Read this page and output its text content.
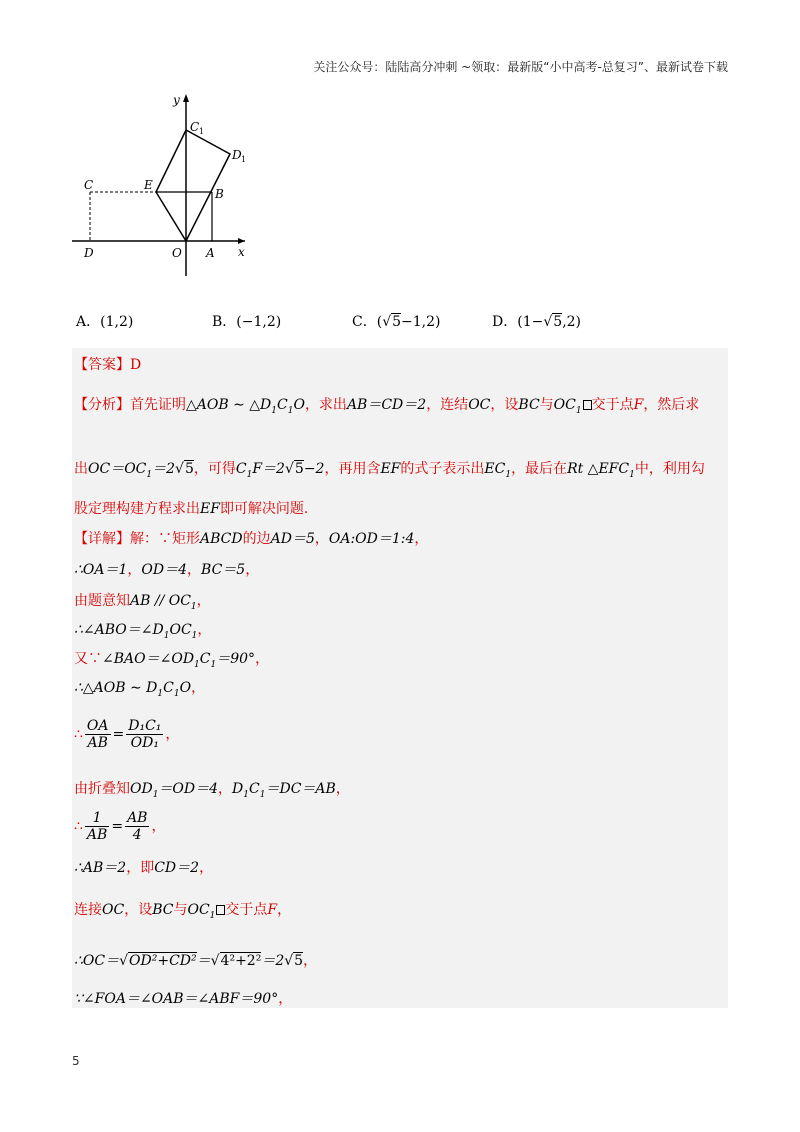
关注公众号：陆陆高分冲刺 ~领取：最新版“小中高考-总复习”、最新试卷下载
y
x
C 1
D 1
C	E
B
D	O A
A．(1,2)	B．(−1,2)	C．(√5−1,2)	D．(1−√5,2)
【答案】D
【分析】首先证明△AOB ∼ $\triangle D_1C_1O$，求出AB＝CD＝2，连结OC，设BC与$OC_1$ 交于点F，然后求
出$OC=OC_1=2√5$，可得$C_1F=2√5-2$，再用含EF的式子表示出$EC_1$，最后在Rt $\triangle EFC_1$中，利用勾
股定理构建方程求出EF即可解决问题.
【详解】解：∵矩形ABCD的边AD＝5，OA:OD＝1:4，
∴OA＝1，OD＝4，BC＝5，
由题意知AB // $OC_1$，
$\therefore\angle ABO=\angle D_1OC_1$，
又$\because\angle BAO=\angle OD_1C_1=90^\circ$，
∴△AOB ∼ $D_1C_1O$，
∴ $\frac{OA}{AB} = \frac{\text{D₁C₁}}{\text{OD₁}}$ ，
由折叠知$OD_1=OD=4$，$D_1C_1=DC=AB$，
∴ $\frac{1}{AB} = \frac{AB}{4}$ ，
∴AB＝2，即CD＝2，
连接OC，设BC与$OC_1$ 交于点F，
∴OC＝√OD²+CD²＝√4²+2²＝2√5，
∵∠FOA＝∠OAB＝∠ABF＝90°，
5
